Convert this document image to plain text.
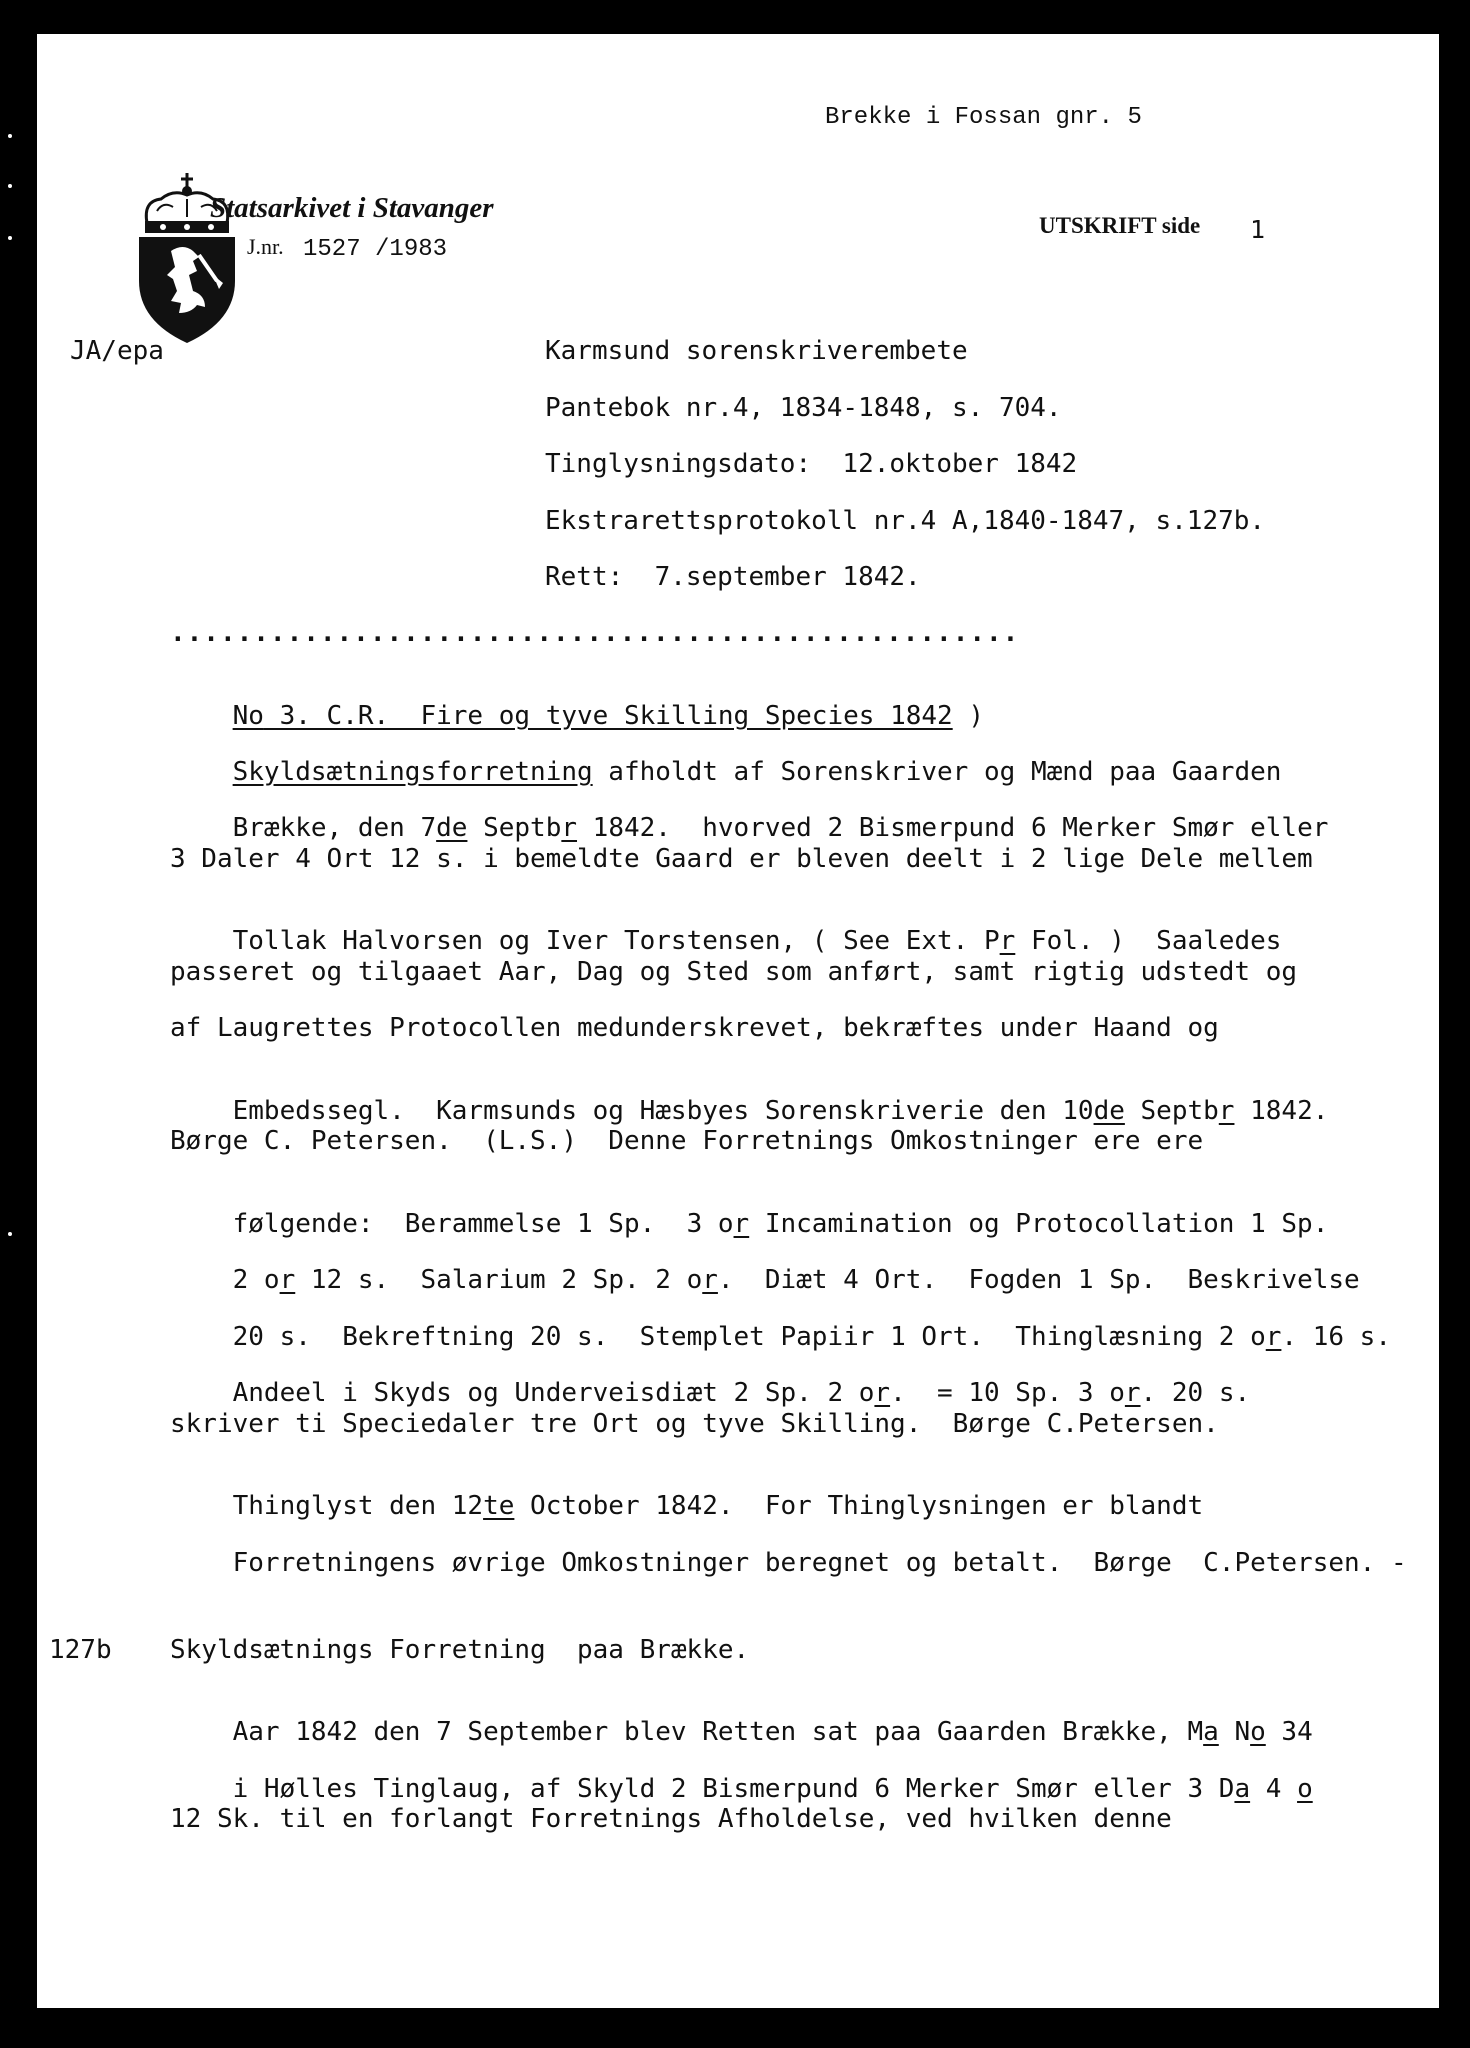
Brekke i Fossan gnr. 5
Statsarkivet i Stavanger
J.nr. 1527 /1983
UTSKRIFT side 1
JA/epa	Karmsund sorenskriverembete
Pantebok nr.4, 1834-1848, s. 704.
Tinglysningsdato:  12.oktober 1842
Ekstrarettsprotokoll nr.4 A,1840-1847, s.127b.
Rett:  7.september 1842.
...................................................

No 3. C.R.  Fire og tyve Skilling Species 1842 )

Skyldsætningsforretning afholdt af Sorenskriver og Mænd paa Gaarden

Brække, den 7de Septbr 1842.  hvorved 2 Bismerpund 6 Merker Smør eller

3 Daler 4 Ort 12 s. i bemeldte Gaard er bleven deelt i 2 lige Dele mellem

Tollak Halvorsen og Iver Torstensen, ( See Ext. Pr Fol. )  Saaledes

passeret og tilgaaet Aar, Dag og Sted som anført, samt rigtig udstedt og
af Laugrettes Protocollen medunderskrevet, bekræftes under Haand og

Embedssegl.  Karmsunds og Hæsbyes Sorenskriverie den 10de Septbr 1842.

Børge C. Petersen.  (L.S.)  Denne Forretnings Omkostninger ere ere

følgende:  Berammelse 1 Sp.  3 or Incamination og Protocollation 1 Sp.

2 or 12 s.  Salarium 2 Sp. 2 or.  Diæt 4 Ort.  Fogden 1 Sp.  Beskrivelse

20 s.  Bekreftning 20 s.  Stemplet Papiir 1 Ort.  Thinglæsning 2 or. 16 s.

Andeel i Skyds og Underveisdiæt 2 Sp. 2 or.  = 10 Sp. 3 or. 20 s.

skriver ti Speciedaler tre Ort og tyve Skilling.  Børge C.Petersen.

Thinglyst den 12te October 1842.  For Thinglysningen er blandt

Forretningens øvrige Omkostninger beregnet og betalt.  Børge  C.Petersen. -

127b Skyldsætnings Forretning  paa Brække.

Aar 1842 den 7 September blev Retten sat paa Gaarden Brække, Ma No 34

i Hølles Tinglaug, af Skyld 2 Bismerpund 6 Merker Smør eller 3 Da 4 o

12 Sk. til en forlangt Forretnings Afholdelse, ved hvilken denne
